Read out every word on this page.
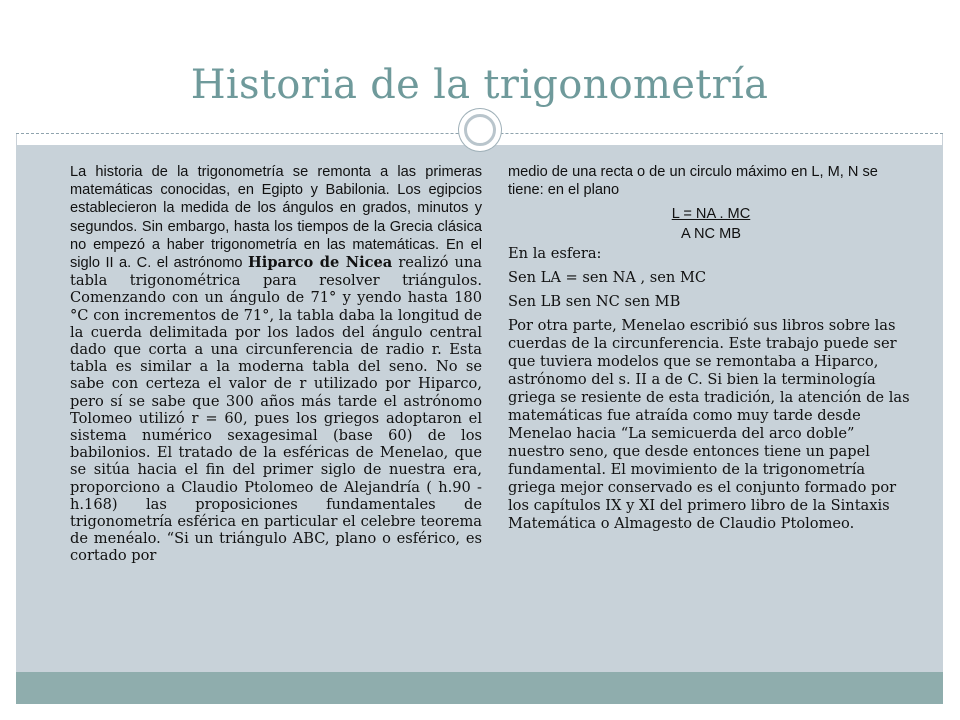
Historia de la trigonometría
La historia de la trigonometría se remonta a las primeras matemáticas conocidas, en Egipto y Babilonia. Los egipcios establecieron la medida de los ángulos en grados, minutos y segundos. Sin embargo, hasta los tiempos de la Grecia clásica no empezó a haber trigonometría en las matemáticas. En el siglo II a. C. el astrónomo Hiparco de Nicea realizó una tabla trigonométrica para resolver triángulos. Comenzando con un ángulo de 71° y yendo hasta 180 °C con incrementos de 71°, la tabla daba la longitud de la cuerda delimitada por los lados del ángulo central dado que corta a una circunferencia de radio r. Esta tabla es similar a la moderna tabla del seno. No se sabe con certeza el valor de r utilizado por Hiparco, pero sí se sabe que 300 años más tarde el astrónomo Tolomeo utilizó r = 60, pues los griegos adoptaron el sistema numérico sexagesimal (base 60) de los babilonios. El tratado de la esféricas de Menelao, que se sitúa hacia el fin del primer siglo de nuestra era, proporciono a Claudio Ptolomeo de Alejandría ( h.90 - h.168) las proposiciones fundamentales de trigonometría esférica en particular el celebre teorema de menéalo. “Si un triángulo ABC, plano o esférico, es cortado por

medio de una recta o de un circulo máximo en L, M, N se tiene: en el plano

L = NA . MC

A NC MB

En la esfera:

Sen LA = sen NA , sen MC

Sen LB sen NC sen MB

Por otra parte, Menelao escribió sus libros sobre las cuerdas de la circunferencia. Este trabajo puede ser que tuviera modelos que se remontaba a Hiparco, astrónomo del s. II a de C. Si bien la terminología griega se resiente de esta tradición, la atención de las matemáticas fue atraída como muy tarde desde Menelao hacia “La semicuerda del arco doble” nuestro seno, que desde entonces tiene un papel fundamental. El movimiento de la trigonometría griega mejor conservado es el conjunto formado por los capítulos IX y XI del primero libro de la Sintaxis Matemática o Almagesto de Claudio Ptolomeo.
